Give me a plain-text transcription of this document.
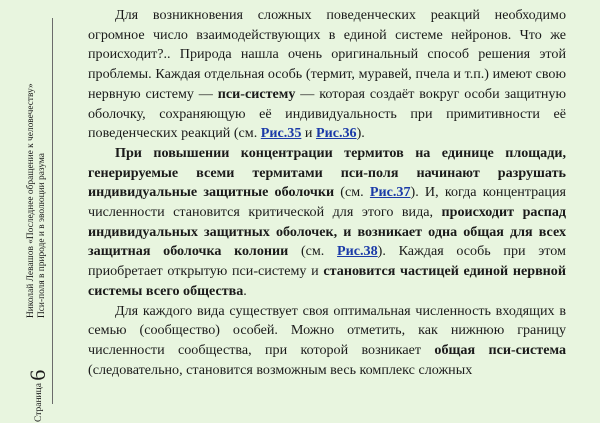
Страница 6
Николай Левашов «Последнее обращение к человечеству» Пси-поля в природе и в эволюции разума

Для возникновения сложных поведенческих реакций необходимо огромное число взаимодействующих в единой системе нейронов. Что же происходит?.. Природа нашла очень оригинальный способ решения этой проблемы. Каждая отдельная особь (термит, муравей, пчела и т.п.) имеют свою нервную систему — пси-систему — которая создаёт вокруг особи защитную оболочку, сохраняющую её индивидуальность при примитивности её поведенческих реакций (см. Рис.35 и Рис.36).

При повышении концентрации термитов на единице площади, генерируемые всеми термитами пси-поля начинают разрушать индивидуальные защитные оболочки (см. Рис.37). И, когда концентрация численности становится критической для этого вида, происходит распад индивидуальных защитных оболочек, и возникает одна общая для всех защитная оболочка колонии (см. Рис.38). Каждая особь при этом приобретает открытую пси-систему и становится частицей единой нервной системы всего общества.

Для каждого вида существует своя оптимальная численность входящих в семью (сообщество) особей. Можно отметить, как нижнюю границу численности сообщества, при которой возникает общая пси-система (следовательно, становится возможным весь комплекс сложных
